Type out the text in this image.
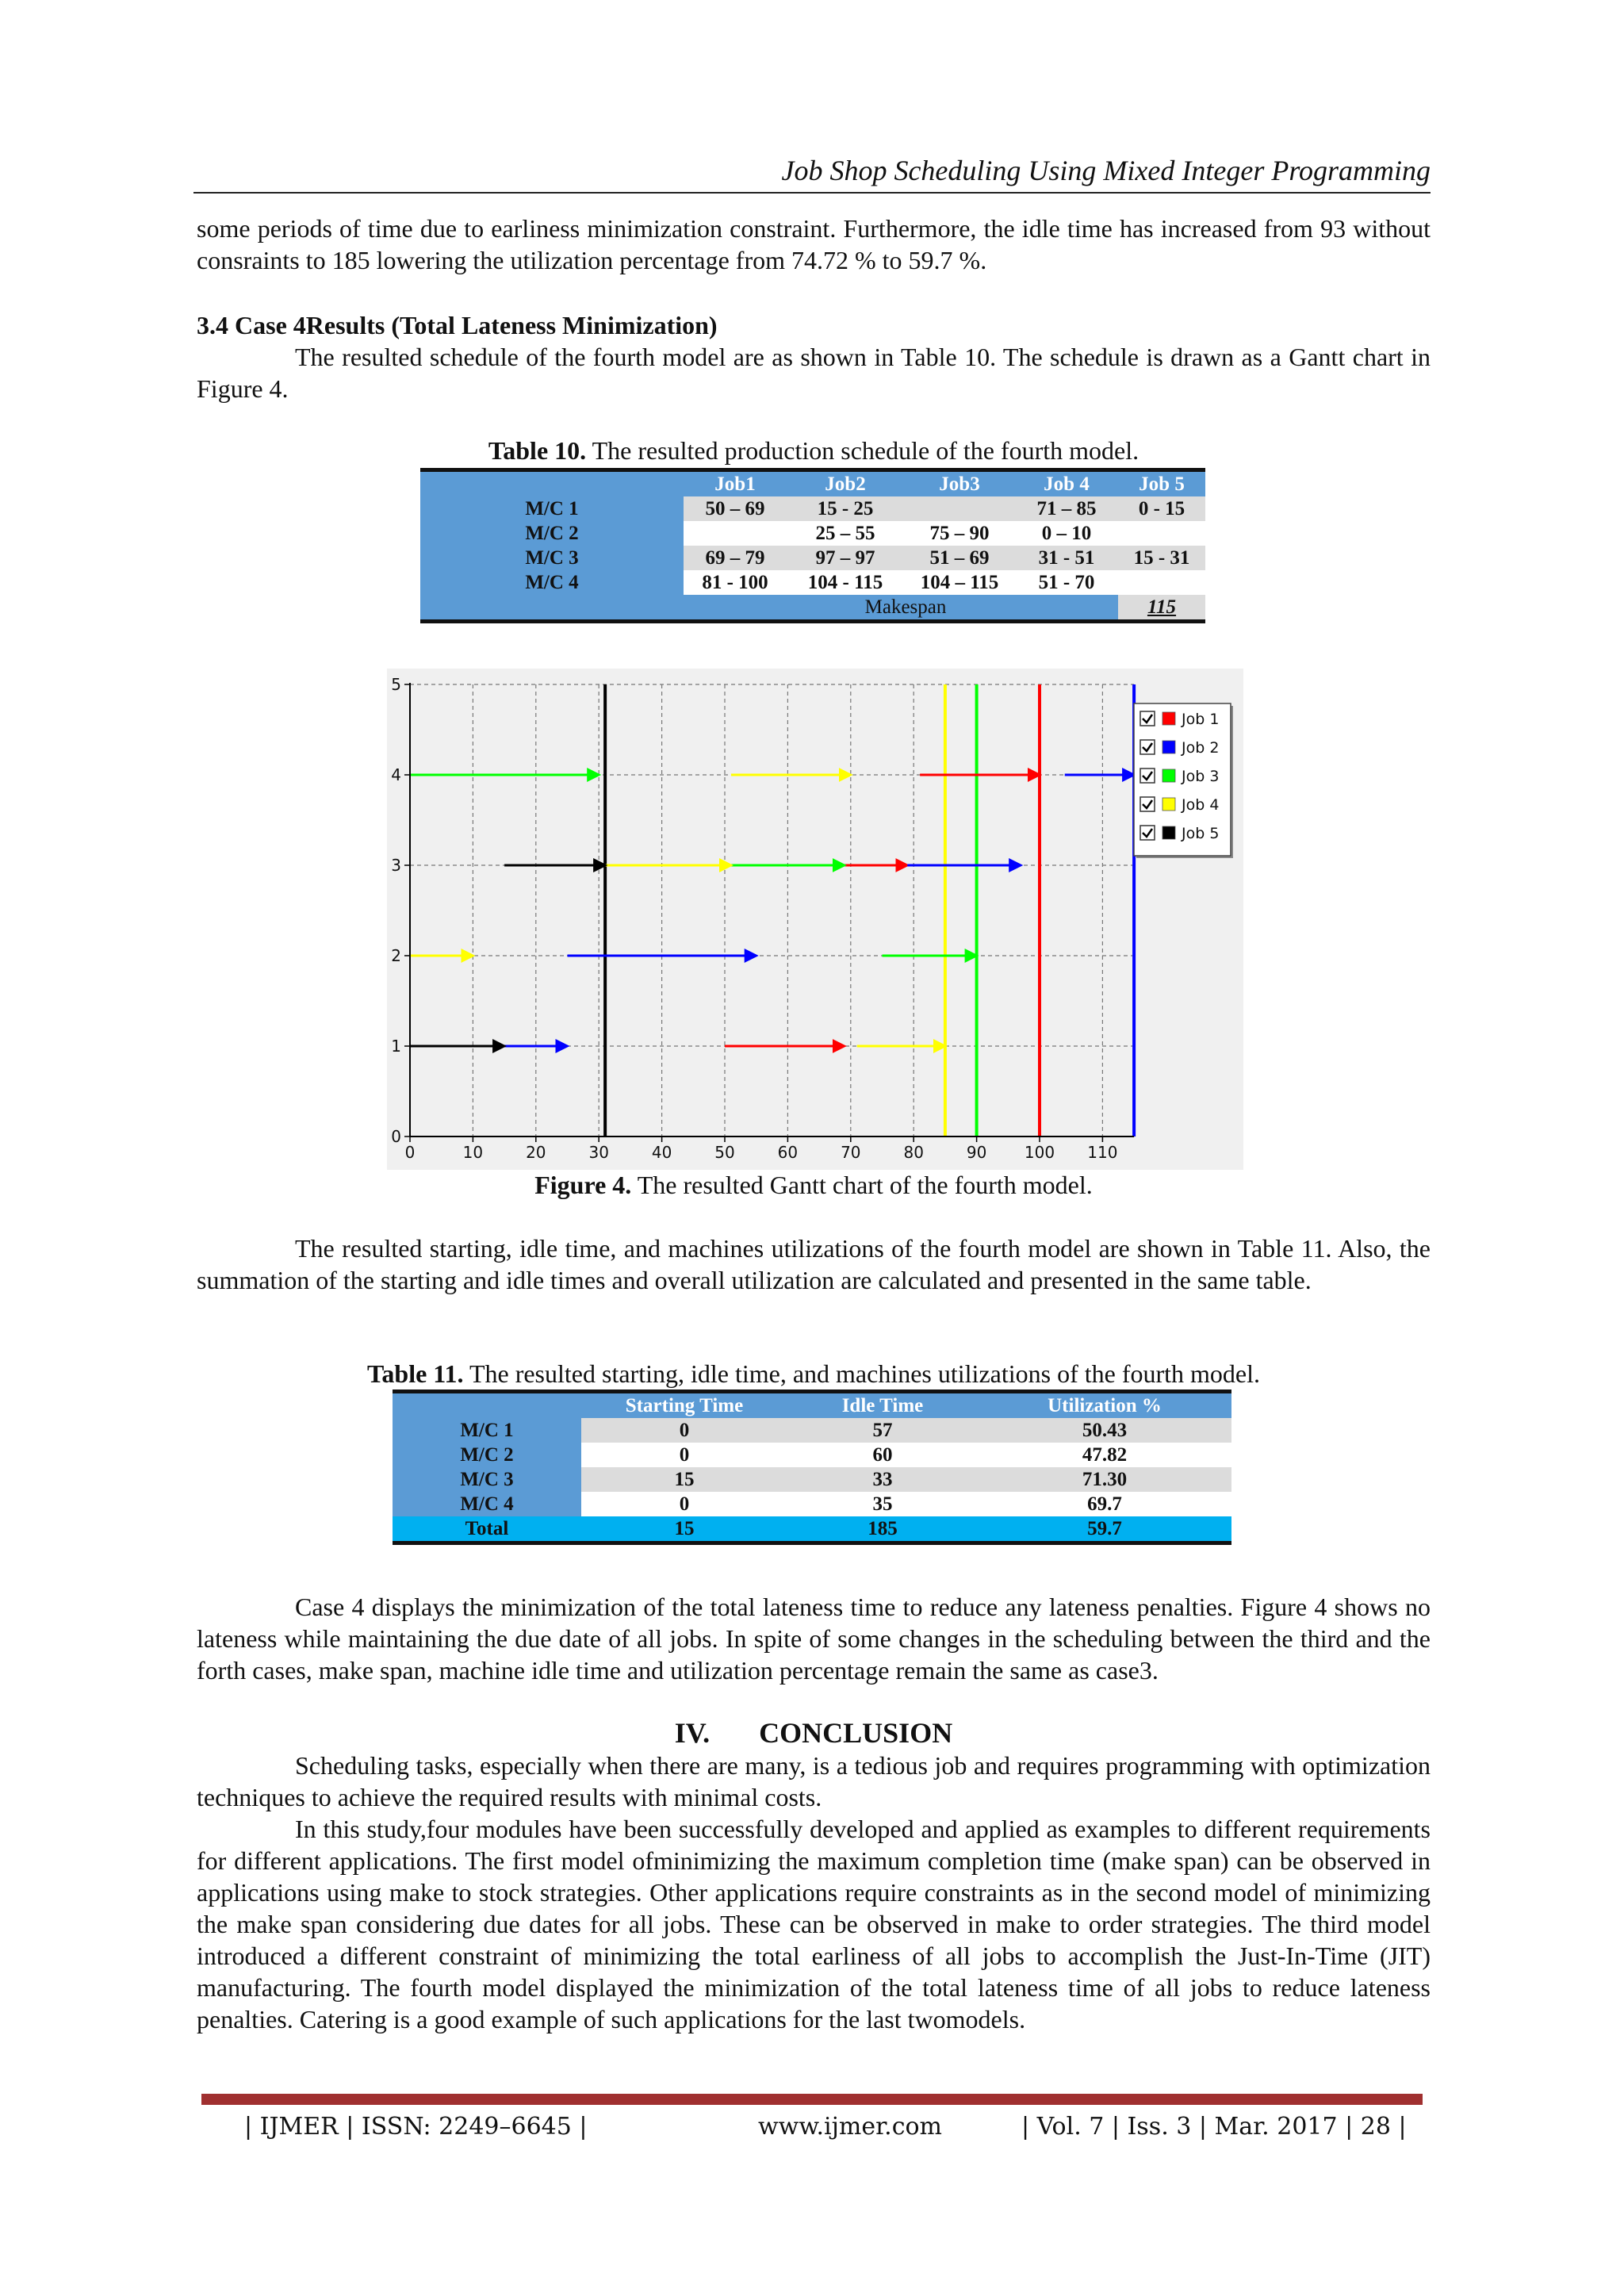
Job Shop Scheduling Using Mixed Integer Programming
some periods of time due to earliness minimization constraint. Furthermore, the idle time has increased from 93 without consraints to 185 lowering the utilization percentage from 74.72 % to 59.7 %.
3.4 Case 4Results (Total Lateness Minimization)
The resulted schedule of the fourth model are as shown in Table 10. The schedule is drawn as a Gantt chart in Figure 4.
Table 10. The resulted production schedule of the fourth model.
	Job1	Job2	Job3	Job 4	Job 5
M/C 1	50 – 69	15 - 25		71 – 85	0 - 15
M/C 2		25 – 55	75 – 90	0 – 10	
M/C 3	69 – 79	97 – 97	51 – 69	31 - 51	15 - 31
M/C 4	81 - 100	104 - 115	104 – 115	51 - 70	
	Makespan				115
0	10	20	30	40	50	60	70	80	90 100 110
0
1
2
3
4
5
Job 1
Job 2
Job 3
Job 4
Job 5
Figure 4. The resulted Gantt chart of the fourth model.
The resulted starting, idle time, and machines utilizations of the fourth model are shown in Table 11. Also, the summation of the starting and idle times and overall utilization are calculated and presented in the same table.
Table 11. The resulted starting, idle time, and machines utilizations of the fourth model.
	Starting Time	Idle Time	Utilization %
M/C 1	0	57	50.43
M/C 2	0	60	47.82
M/C 3	15	33	71.30
M/C 4	0	35	69.7
Total	15	185	59.7
Case 4 displays the minimization of the total lateness time to reduce any lateness penalties. Figure 4 shows no lateness while maintaining the due date of all jobs. In spite of some changes in the scheduling between the third and the forth cases, make span, machine idle time and utilization percentage remain the same as case3.
IV. CONCLUSION
Scheduling tasks, especially when there are many, is a tedious job and requires programming with optimization techniques to achieve the required results with minimal costs.
In this study,four modules have been successfully developed and applied as examples to different requirements for different applications. The first model ofminimizing the maximum completion time (make span) can be observed in applications using make to stock strategies. Other applications require constraints as in the second model of minimizing the make span considering due dates for all jobs. These can be observed in make to order strategies. The third model introduced a different constraint of minimizing the total earliness of all jobs to accomplish the Just-In-Time (JIT) manufacturing. The fourth model displayed the minimization of the total lateness time of all jobs to reduce lateness penalties. Catering is a good example of such applications for the last twomodels.
| IJMER | ISSN: 2249–6645 |	www.ijmer.com	| Vol. 7 | Iss. 3 | Mar. 2017 | 28 |
